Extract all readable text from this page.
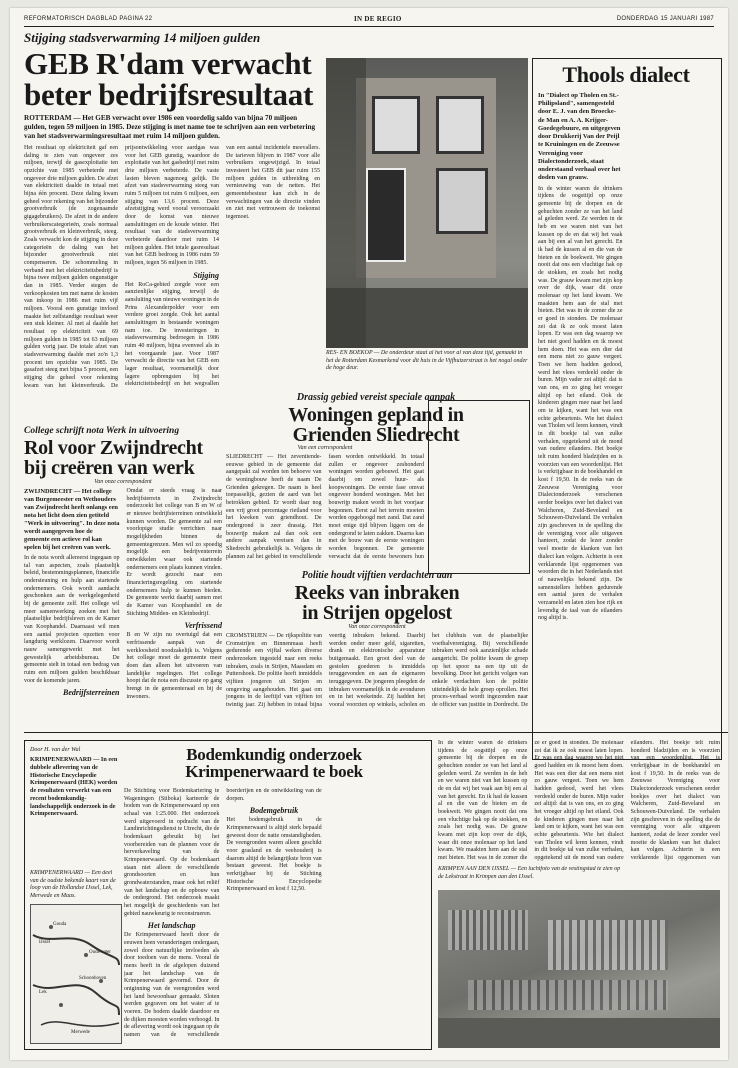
REFORMATORISCH DAGBLAD PAGINA 22	IN DE REGIO	DONDERDAG 15 JANUARI 1987
Stijging stadsverwarming 14 miljoen gulden
GEB R'dam verwacht
beter bedrijfsresultaat
ROTTERDAM — Het GEB verwacht over 1986 een voordelig saldo van bijna 70 miljoen gulden, tegen 59 miljoen in 1985. Deze stijging is met name toe te schrijven aan een verbetering van het stadsverwarmingsresultaat met ruim 14 miljoen gulden.
Het resultaat op elektriciteit gaf een daling te zien van ongeveer zes miljoen, terwijl de gasexploitatie ten opzichte van 1985 verbeterde met ongeveer drie miljoen gulden. De afzet van elektriciteit daalde in totaal met bijna één procent. Deze daling kwam geheel voor rekening van het bijzonder grootverbruik (de zogenaamde gigagebruikers). De afzet in de andere verbruikerscategorieën, zoals normaal grootverbruik en kleinverbruik, steeg. Zoals verwacht kon de stijging in deze categorieën de daling van het bijzonder grootverbruik niet compenseren. De schommeling in verband met het elektriciteitsbedrijf is bijna twee miljoen gulden ongunstiger dan in 1985. Verder stegen de verkoopkosten ten met name de kosten van inkoop in 1986 met ruim vijf miljoen. Vooral een gunstige invloed maakte het zelfstandige resultaat weer een stuk kleiner. Al met al daalde het resultaat op elektriciteit van 69 miljoen gulden in 1985 tot 63 miljoen gulden vorig jaar. De totale afzet van stadsverwarming daalde met zo'n 1,3 procent ten opzichte van 1985. De gasafzet steeg met bijna 5 procent, een stijging die geheel voor rekening kwam van het kleinverbruik. De prijsontwikkeling voor aardgas was voor het GEB gunstig, waardoor de exploitatie van het gasbedrijf met ruim drie miljoen verbeterde. De vaste lasten bleven nagenoeg gelijk. De afzet van stadsverwarming steeg van ruim 5 miljoen tot ruim 6 miljoen, een stijging van 13,6 procent. Deze afzetstijging werd vooral veroorzaakt door de komst van nieuwe aansluitingen en de koude winter. Het resultaat van de stadsverwarming verbeterde daardoor met ruim 14 miljoen gulden. Het totale gasresultaat van het GEB bedroeg in 1986 ruim 59 miljoen, tegen 56 miljoen in 1985.
Stijging
Het RoCa-gebied zorgde voor een aanzienlijke stijging, terwijl de aansluiting van nieuwe woningen in de Prins Alexanderpolder voor een verdere groei zorgde. Ook het aantal aansluitingen in bestaande woningen nam toe. De investeringen in stadsverwarming bedroegen in 1986 ruim 40 miljoen, bijna evenveel als in het voorgaande jaar. Voor 1987 verwacht de directie van het GEB een lager resultaat, voornamelijk door lagere opbrengsten bij het elektriciteitsbedrijf en het wegvallen van een aantal incidentele meevallers. De tarieven blijven in 1987 voor alle verbruikers ongewijzigd. In totaal investeert het GEB dit jaar ruim 155 miljoen gulden in uitbreiding en vernieuwing van de netten. Het gemeentebestuur kan zich in de verwachtingen van de directie vinden en ziet met vertrouwen de toekomst tegemoet.
RES- EN BOEKOP — De onderdeur staat al het voor al van deze tijd, gemaakt in het de Rotterdam Kesmarkend voor dit huis in de Vijfhuizerstraat is het nogal onder de hoge deur.
Thools dialect
In "Dialect op Tholen en St.-Philipsland", samengesteld door E. J. van den Broecke-de Man en A. A. Krijger-Goedegebuure, en uitgegeven door Drukkerij Van der Peijl te Kruiningen en de Zeeuwse Vereniging voor Dialectonderzoek, staat onderstaand verhaal over het doden van grauw.
In de winter waren de drinkers tijdens de oogsttijd op onze gemeente bij de dorpen en de gehuchten zonder ze van het land al geleden werd. Ze werden in de heb en we waren niet van het kussen op de en dat wij het vaak aan bij een al van het gerecht. En ik had de kussen al en die van de bieten en de boekweit. We gingen nooit dat ons een vluchtige hak op de stokken, en zoals het nodig was. De grauw kwam met zijn kop over de dijk, waar dit onze molenaar op het land kwam. We maakten hem aan de stal met bieten. Het was in de zomer die ze er goed in stonden. De molenaar zei dat ik ze ook moest laten lopen. Er was een dag waarop we het niet goed hadden en ik moest hem doen. Het was een dier dat een mens niet zo gauw vergeet. Toen we hem hadden gedood, werd het vlees verdeeld onder de buren. Mijn vader zei altijd: dat is van ons, en zo ging het vroeger altijd op het eiland. Ook de kinderen gingen mee naar het land om te kijken, want het was een echte gebeurtenis. Wie het dialect van Tholen wil leren kennen, vindt in dit boekje tal van zulke verhalen, opgetekend uit de mond van oudere eilanders. Het boekje telt ruim honderd bladzijden en is voorzien van een woordenlijst. Het is verkrijgbaar in de boekhandel en kost f 19,50. In de reeks van de Zeeuwse Vereniging voor Dialectonderzoek verschenen eerder boekjes over het dialect van Walcheren, Zuid-Beveland en Schouwen-Duiveland. De verhalen zijn geschreven in de spelling die de vereniging voor alle uitgaven hanteert, zodat de lezer zonder veel moeite de klanken van het dialect kan volgen. Achterin is een verklarende lijst opgenomen van woorden die in het Nederlands niet of nauwelijks bekend zijn. De samenstellers hebben gedurende een aantal jaren de verhalen verzameld en laten zien hoe rijk en levendig de taal van de eilanders nog altijd is.
Drassig gebied vereist speciale aanpak
Woningen gepland in
Grienden Sliedrecht
Van een correspondent
SLIEDRECHT — Het zeventiende-eeuwse gebied in de gemeente dat aangepakt zal worden ten behoeve van de woningbouw heeft de naam De Grienden gekregen. De naam is heel toepasselijk, gezien de aard van het betrokken gebied. Er wordt daar nog een vrij groot percentage rietland voor het kweken van griendhout. De ondergrond is zeer drassig. Het bouwrijp maken zal dan ook een andere aanpak vereisen dan in Sliedrecht gebruikelijk is. Volgens de plannen zal het gebied in verschillende fasen worden ontwikkeld. In totaal zullen er ongeveer zeshonderd woningen worden gebouwd. Het gaat daarbij om zowel huur- als koopwoningen. De eerste fase omvat ongeveer honderd woningen. Met het bouwrijp maken wordt in het voorjaar begonnen. Eerst zal het terrein moeten worden opgehoogd met zand. Dat zand moet enige tijd blijven liggen om de ondergrond te laten zakken. Daarna kan met de bouw van de eerste woningen worden begonnen. De gemeente verwacht dat de eerste bewoners hun
College schrijft nota Werk in uitvoering
Rol voor Zwijndrecht
bij creëren van werk
Van onze correspondent
ZWIJNDRECHT — Het college van Burgemeester en Wethouders van Zwijndrecht heeft onlangs een nota het licht doen zien getiteld "Werk in uitvoering". In deze nota wordt aangegeven hoe de gemeente een actieve rol kan spelen bij het creëren van werk.
In de nota wordt allereerst ingegaan op tal van aspecten, zoals plaatselijk beleid, bestemmingsplannen, financiële ondersteuning en hulp aan startende ondernemers. Ook wordt aandacht geschonken aan de werkgelegenheid bij de gemeente zelf. Het college wil meer samenwerking zoeken met het plaatselijke bedrijfsleven en de Kamer van Koophandel. Daarnaast wil men een aantal projecten opzetten voor langdurig werklozen. Daarvoor wordt nauw samengewerkt met het gewestelijk arbeidsbureau. De gemeente stelt in totaal een bedrag van ruim een miljoen gulden beschikbaar voor de komende jaren.
Bedrijfsterreinen
Omdat er steeds vraag is naar bedrijfsterrein in Zwijndrecht onderzoekt het college van B en W of er nieuwe bedrijfsterreinen ontwikkeld kunnen worden. De gemeente zal een voorlopige studie verrichten naar mogelijkheden binnen de gemeentegrenzen. Men wil zo spoedig mogelijk een bedrijventerrein ontwikkelen waar ook startende ondernemers een plaats kunnen vinden. Er wordt gezocht naar een financieringsregeling om startende ondernemers hulp te kunnen bieden. De gemeente werkt daarbij samen met de Kamer van Koophandel en de Stichting Midden- en Kleinbedrijf.
Verfrissend
B en W zijn nu overtuigd dat een verfrissende aanpak van de werkloosheid noodzakelijk is. Volgens het college moet de gemeente meer doen dan alleen het uitvoeren van landelijke regelingen. Het college hoopt dat de nota een discussie op gang brengt in de gemeenteraad en bij de inwoners.
Politie houdt vijftien verdachten aan
Reeks van inbraken
in Strijen opgelost
Van onze correspondent
CROMSTRIJEN — De rijkspolitie van Cromstrijen en Binnenmaas heeft gedurende een vijftal weken diverse onderzoeken ingesteld naar een reeks inbraken, zoals in Strijen, Maasdam en Puttershoek. De politie heeft inmiddels vijftien jongeren uit Strijen en omgeving aangehouden. Het gaat om jongens in de leeftijd van vijftien tot twintig jaar. Zij hebben in totaal bijna veertig inbraken bekend. Daarbij werden onder meer geld, sigaretten, drank en elektronische apparatuur buitgemaakt. Een groot deel van de gestolen goederen is inmiddels teruggevonden en aan de eigenaren teruggegeven. De jongeren pleegden de inbraken voornamelijk in de avonduren en in het weekeinde. Zij hadden het vooral voorzien op winkels, scholen en het clubhuis van de plaatselijke voetbalvereniging. Bij verschillende inbraken werd ook aanzienlijke schade aangericht. De politie kwam de groep op het spoor na een tip uit de bevolking. Door het gericht volgen van enkele verdachten kon de politie uiteindelijk de hele groep oprollen. Het proces-verbaal wordt ingezonden naar de officier van justitie in Dordrecht. De
Door H. van der Wal
KRIMPENERWAARD — In een dubbele aflevering van de Historische Encyclopedie Krimpenerwaard (HEK) worden de resultaten verwerkt van een recent bodemkundig-landschappelijk onderzoek in de Krimpenerwaard.
Bodemkundig onderzoek
Krimpenerwaard te boek
De Stichting voor Bodemkartering te Wageningen (Stiboka) karteerde de bodem van de Krimpenerwaard op een schaal van 1:25.000. Het onderzoek werd uitgevoerd in opdracht van de Landinrichtingsdienst te Utrecht, die de bodemkaart gebruikt bij het voorbereiden van de plannen voor de herverkaveling van de Krimpenerwaard. Op de bodemkaart staan niet alleen de verschillende grondsoorten en hun grondwaterstanden, maar ook het reliëf van het landschap en de opbouw van de ondergrond. Het onderzoek maakt het mogelijk de geschiedenis van het gebied nauwkeurig te reconstrueren.
Het landschap
De Krimpenerwaard heeft door de eeuwen heen veranderingen ondergaan, zowel door natuurlijke invloeden als door toedoen van de mens. Vooral de mens heeft in de afgelopen duizend jaar het landschap van de Krimpenerwaard gevormd. Door de ontginning van de veengronden werd het land bewoonbaar gemaakt. Sloten werden gegraven om het water af te voeren. De bodem daalde daardoor en de dijken moesten worden verhoogd. In de aflevering wordt ook ingegaan op de namen van de verschillende boerderijen en de ontwikkeling van de dorpen.
Bodemgebruik
Het bodemgebruik in de Krimpenerwaard is altijd sterk bepaald geweest door de natte omstandigheden. De veengronden waren alleen geschikt voor grasland en de veehouderij is daarom altijd de belangrijkste bron van bestaan geweest. Het boekje is verkrijgbaar bij de Stichting Historische Encyclopedie Krimpenerwaard en kost f 12,50.
KRIMPENERWAARD — Een deel van de oudste bekende kaart van de loop van de Hollandse IJssel, Lek, Merwede en Maas.
Gouda
Oudewater
Schoonhoven
Lek
IJssel
Merwede
KRIMPEN AAN DEN IJSSEL — Een luchtfoto van de vestingstad te zien op de Lekstraat in Krimpen aan den IJssel.
In de winter waren de drinkers tijdens de oogsttijd op onze gemeente bij de dorpen en de gehuchten zonder ze van het land al geleden werd. Ze werden in de heb en we waren niet van het kussen op de en dat wij het vaak aan bij een al van het gerecht. En ik had de kussen al en die van de bieten en de boekweit. We gingen nooit dat ons een vluchtige hak op de stokken, en zoals het nodig was. De grauw kwam met zijn kop over de dijk, waar dit onze molenaar op het land kwam. We maakten hem aan de stal met bieten. Het was in de zomer die ze er goed in stonden. De molenaar zei dat ik ze ook moest laten lopen. Er was een dag waarop we het niet goed hadden en ik moest hem doen. Het was een dier dat een mens niet zo gauw vergeet. Toen we hem hadden gedood, werd het vlees verdeeld onder de buren. Mijn vader zei altijd: dat is van ons, en zo ging het vroeger altijd op het eiland. Ook de kinderen gingen mee naar het land om te kijken, want het was een echte gebeurtenis. Wie het dialect van Tholen wil leren kennen, vindt in dit boekje tal van zulke verhalen, opgetekend uit de mond van oudere eilanders. Het boekje telt ruim honderd bladzijden en is voorzien van een woordenlijst. Het is verkrijgbaar in de boekhandel en kost f 19,50. In de reeks van de Zeeuwse Vereniging voor Dialectonderzoek verschenen eerder boekjes over het dialect van Walcheren, Zuid-Beveland en Schouwen-Duiveland. De verhalen zijn geschreven in de spelling die de vereniging voor alle uitgaven hanteert, zodat de lezer zonder veel moeite de klanken van het dialect kan volgen. Achterin is een verklarende lijst opgenomen van
